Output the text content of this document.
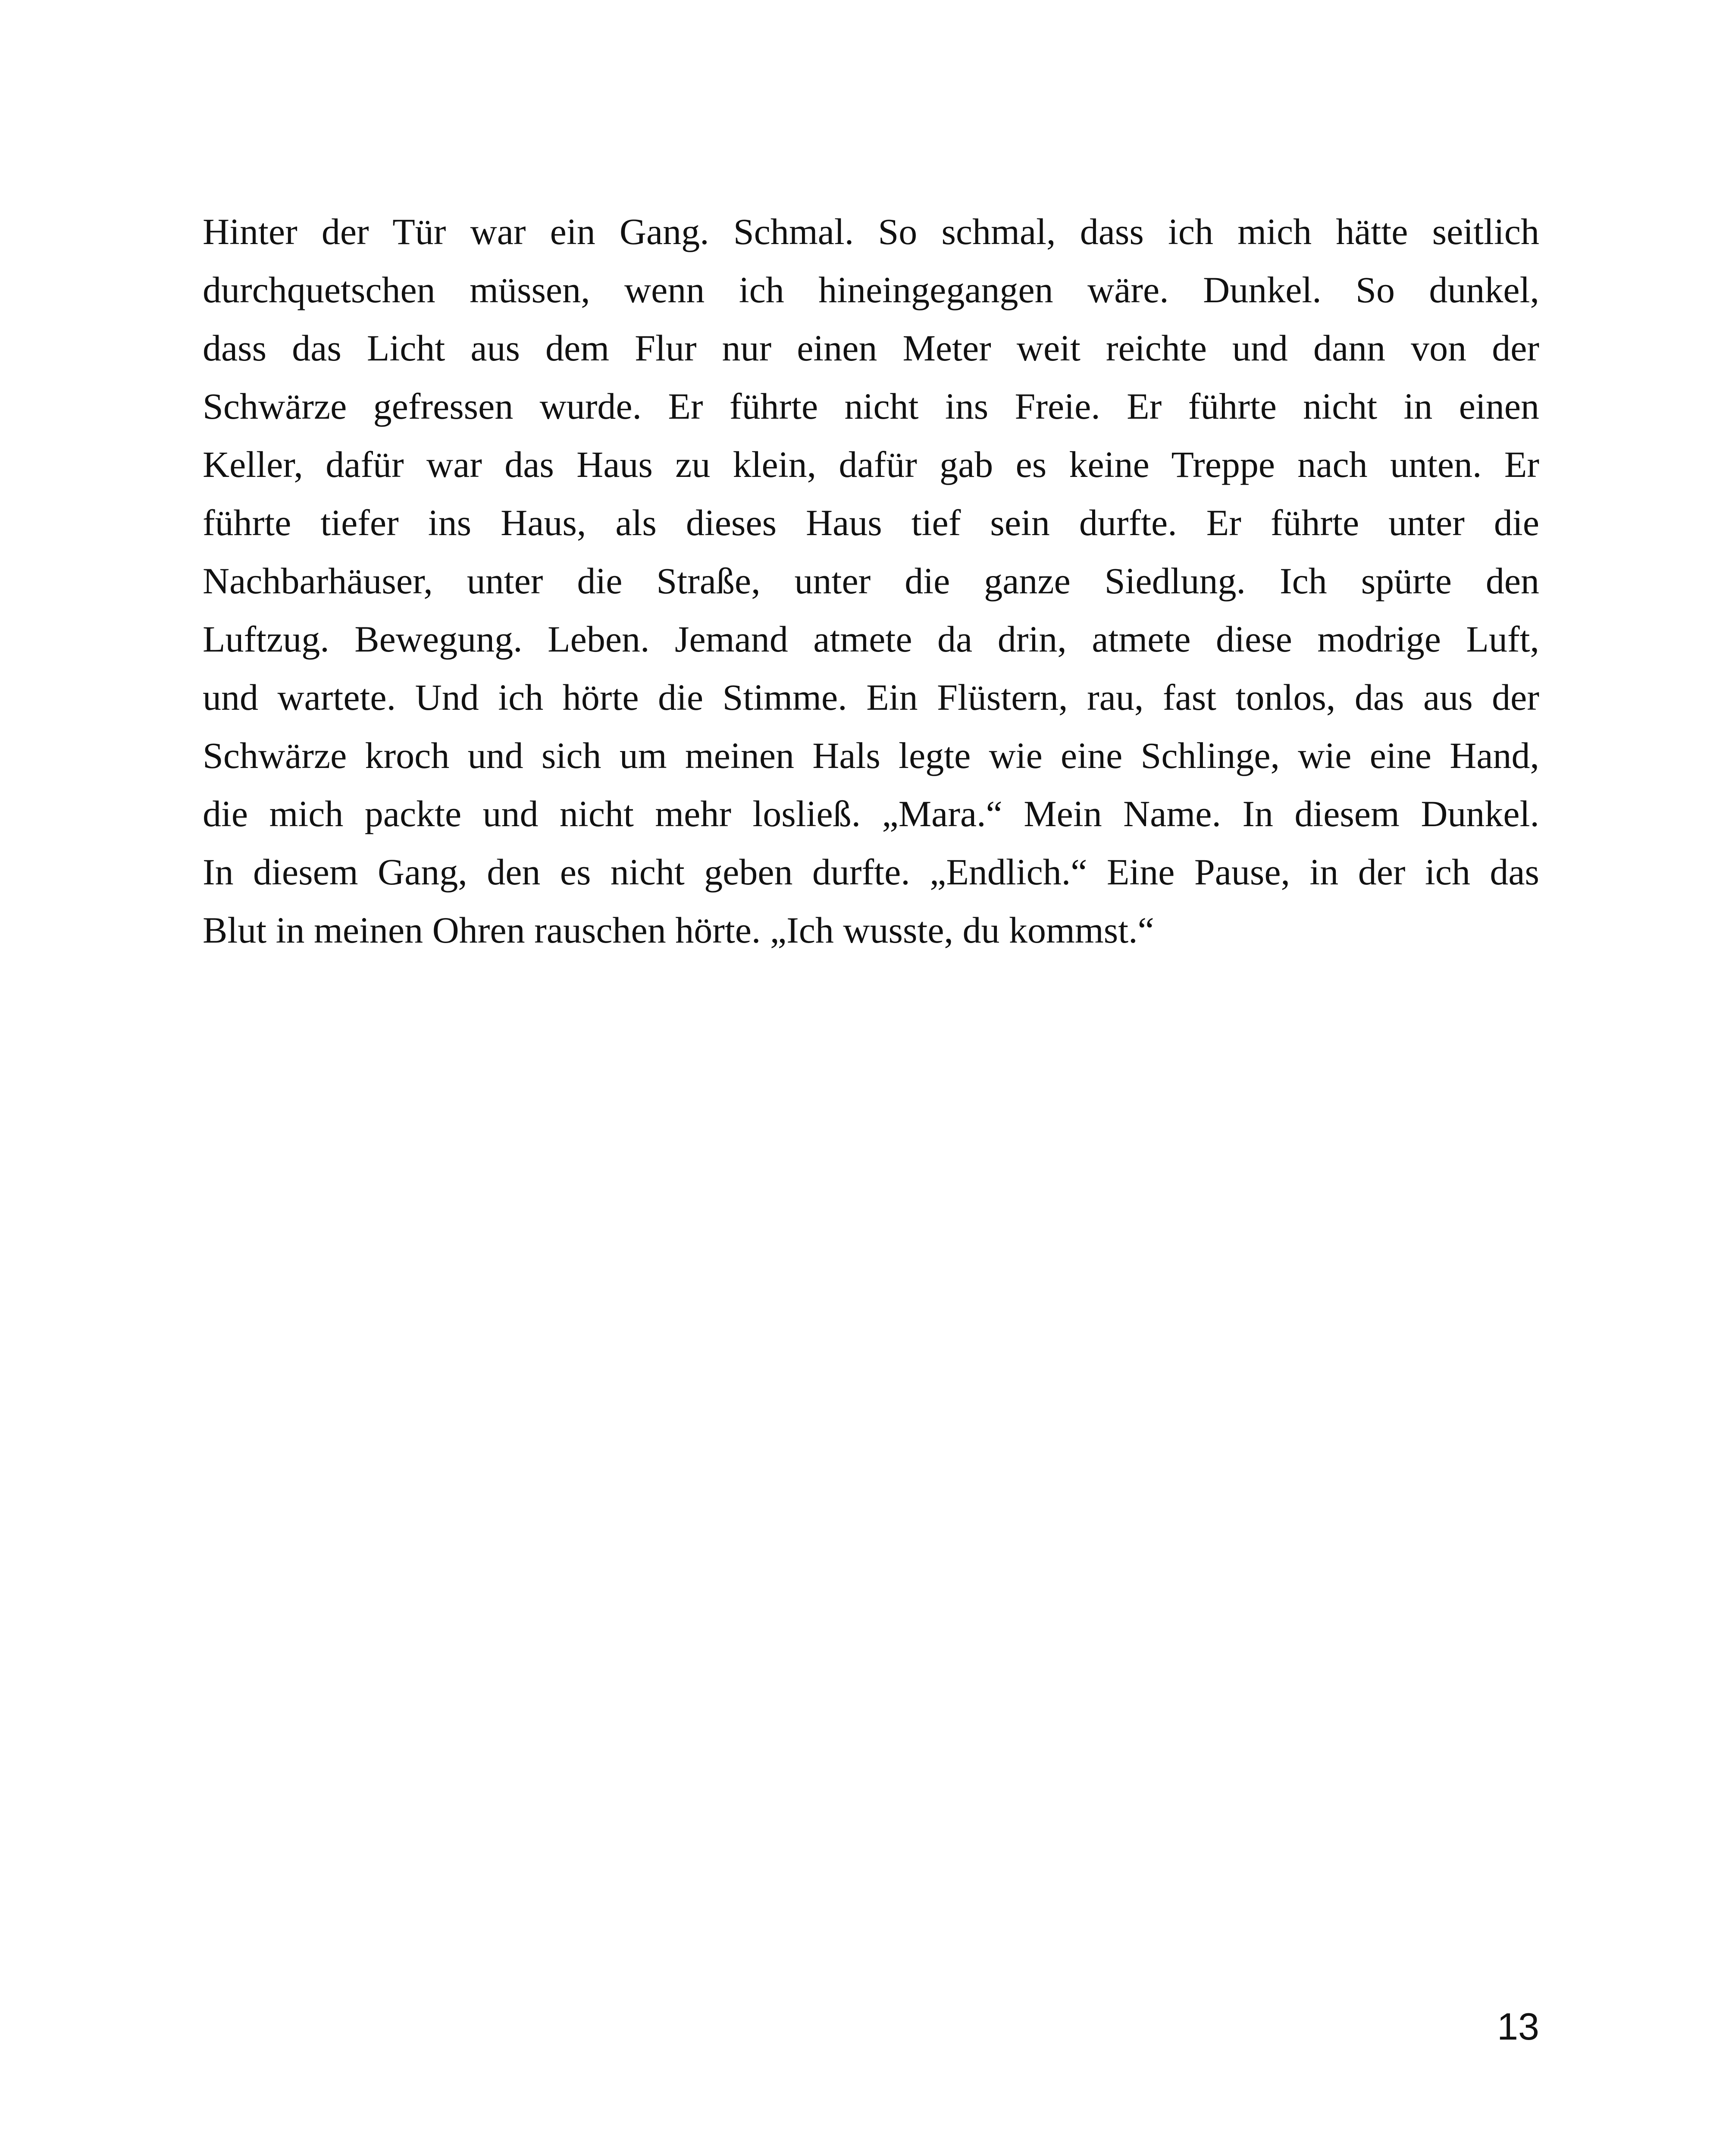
Hinter der Tür war ein Gang. Schmal. So schmal, dass ich mich hätte seitlich
durchquetschen müssen, wenn ich hineingegangen wäre. Dunkel. So dunkel,
dass das Licht aus dem Flur nur einen Meter weit reichte und dann von der
Schwärze gefressen wurde. Er führte nicht ins Freie. Er führte nicht in einen
Keller, dafür war das Haus zu klein, dafür gab es keine Treppe nach unten. Er
führte tiefer ins Haus, als dieses Haus tief sein durfte. Er führte unter die
Nachbarhäuser, unter die Straße, unter die ganze Siedlung. Ich spürte den
Luftzug. Bewegung. Leben. Jemand atmete da drin, atmete diese modrige Luft,
und wartete. Und ich hörte die Stimme. Ein Flüstern, rau, fast tonlos, das aus der
Schwärze kroch und sich um meinen Hals legte wie eine Schlinge, wie eine Hand,
die mich packte und nicht mehr losließ. „Mara.“ Mein Name. In diesem Dunkel.
In diesem Gang, den es nicht geben durfte. „Endlich.“ Eine Pause, in der ich das
Blut in meinen Ohren rauschen hörte. „Ich wusste, du kommst.“
13
